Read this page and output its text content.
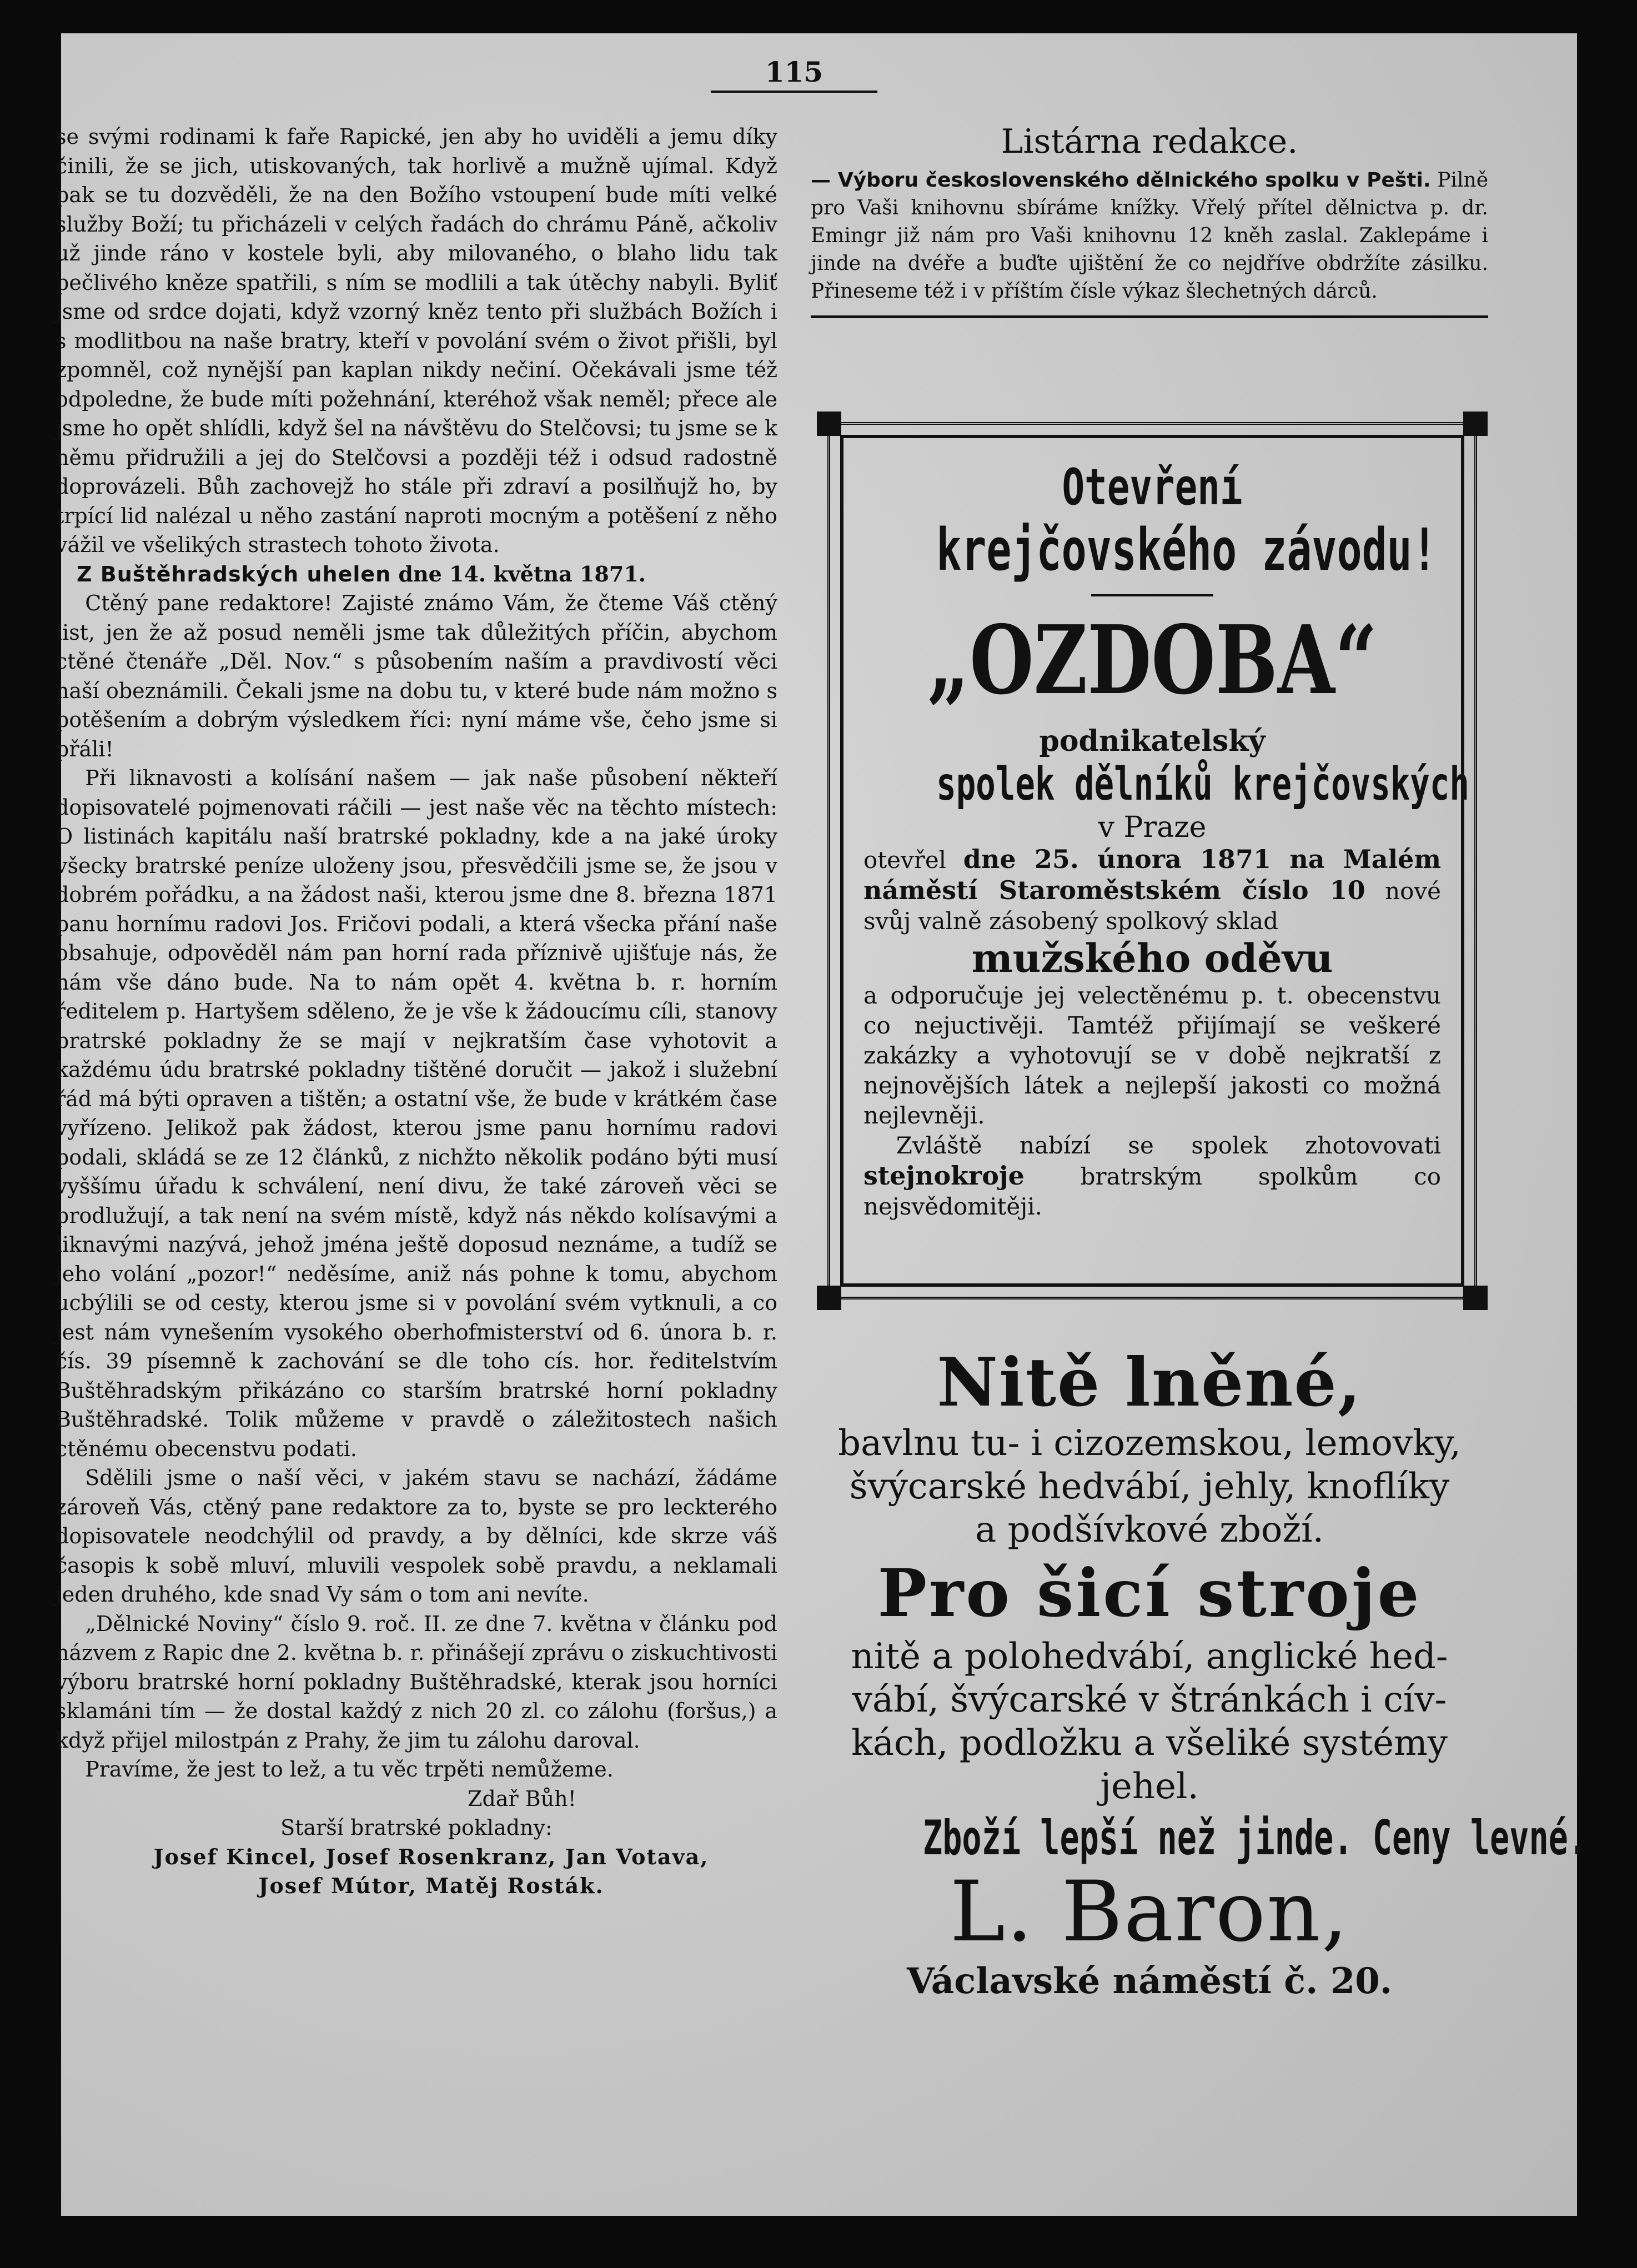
115

se svými rodinami k faře Rapické, jen aby ho uviděli a jemu díky činili, že se jich, utiskovaných, tak horlivě a mužně ujímal. Když pak se tu dozvěděli, že na den Božího vstoupení bude míti velké služby Boží; tu přicházeli v celých řadách do chrámu Páně, ačkoliv už jinde ráno v kostele byli, aby milovaného, o blaho lidu tak pečlivého kněze spatřili, s ním se modlili a tak útěchy nabyli. Byliť jsme od srdce dojati, když vzorný kněz tento při službách Božích i s modlitbou na naše bratry, kteří v povolání svém o život přišli, byl zpomněl, což nynější pan kaplan nikdy nečiní. Očekávali jsme též odpoledne, že bude míti požehnání, kteréhož však neměl; přece ale jsme ho opět shlídli, když šel na návštěvu do Stelčovsi; tu jsme se k němu přidružili a jej do Stelčovsi a později též i odsud radostně doprovázeli. Bůh zachovejž ho stále při zdraví a posilňujž ho, by trpící lid nalézal u něho zastání naproti mocným a potěšení z něho vážil ve všelikých strastech tohoto života.

Z Buštěhradských uhelen dne 14. května 1871.

Ctěný pane redaktore! Zajisté známo Vám, že čteme Váš ctěný list, jen že až posud neměli jsme tak důležitých příčin, abychom ctěné čtenáře „Děl. Nov.“ s působením naším a pravdivostí věci naší obeznámili. Čekali jsme na dobu tu, v které bude nám možno s potěšením a dobrým výsledkem říci: nyní máme vše, čeho jsme si přáli!

Při liknavosti a kolísání našem — jak naše působení někteří dopisovatelé pojmenovati ráčili — jest naše věc na těchto místech: O listinách kapitálu naší bratrské pokladny, kde a na jaké úroky všecky bratrské peníze uloženy jsou, přesvědčili jsme se, že jsou v dobrém pořádku, a na žádost naši, kterou jsme dne 8. března 1871 panu hornímu radovi Jos. Fričovi podali, a která všecka přání naše obsahuje, odpověděl nám pan horní rada příznivě ujišťuje nás, že nám vše dáno bude. Na to nám opět 4. května b. r. horním ředitelem p. Hartyšem sděleno, že je vše k žádoucímu cíli, stanovy bratrské pokladny že se mají v nejkratším čase vyhotovit a každému údu bratrské pokladny tištěné doručit — jakož i služební řád má býti opraven a tištěn; a ostatní vše, že bude v krátkém čase vyřízeno. Jelikož pak žádost, kterou jsme panu hornímu radovi podali, skládá se ze 12 článků, z nichžto několik podáno býti musí vyššímu úřadu k schválení, není divu, že také zároveň věci se prodlužují, a tak není na svém místě, když nás někdo kolísavými a liknavými nazývá, jehož jména ještě doposud neznáme, a tudíž se jeho volání „pozor!“ neděsíme, aniž nás pohne k tomu, abychom ucbýlili se od cesty, kterou jsme si v povolání svém vytknuli, a co jest nám vynešením vysokého oberhofmisterství od 6. února b. r. čís. 39 písemně k zachování se dle toho cís. hor. ředitelstvím Buštěhradským přikázáno co starším bratrské horní pokladny Buštěhradské. Tolik můžeme v pravdě o záležitostech našich ctěnému obecenstvu podati.

Sdělili jsme o naší věci, v jakém stavu se nachází, žádáme zároveň Vás, ctěný pane redaktore za to, byste se pro leckterého dopisovatele neodchýlil od pravdy, a by dělníci, kde skrze váš časopis k sobě mluví, mluvili vespolek sobě pravdu, a neklamali jeden druhého, kde snad Vy sám o tom ani nevíte.

„Dělnické Noviny“ číslo 9. roč. II. ze dne 7. května v článku pod názvem z Rapic dne 2. května b. r. přinášejí zprávu o ziskuchtivosti výboru bratrské horní pokladny Buštěhradské, kterak jsou horníci sklamáni tím — že dostal každý z nich 20 zl. co zálohu (foršus,) a když přijel milostpán z Prahy, že jim tu zálohu daroval.

Pravíme, že jest to lež, a tu věc trpěti nemůžeme.

Zdař Bůh!

Starší bratrské pokladny:

Josef Kincel, Josef Rosenkranz, Jan Votava,

Josef Mútor, Matěj Rosták.

Listárna redakce.
— Výboru československého dělnického spolku v Pešti. Pilně pro Vaši knihovnu sbíráme knížky. Vřelý přítel dělnictva p. dr. Emingr již nám pro Vaši knihovnu 12 kněh zaslal. Zaklepáme i jinde na dvéře a buďte ujištění že co nejdříve obdržíte zásilku. Přineseme též i v příštím čísle výkaz šlechetných dárců.
Otevření
krejčovského závodu!
„OZDOBA“
podnikatelský
spolek dělníků krejčovských
v Praze
otevřel dne 25. února 1871 na Malém náměstí Staroměstském číslo 10 nové svůj valně zásobený spolkový sklad
mužského oděvu
a odporučuje jej velectěnému p. t. obecenstvu co nejuctivěji. Tamtéž přijímají se veškeré zakázky a vyhotovují se v době nejkratší z nejnovějších látek a nejlepší jakosti co možná nejlevněji.
Zvláště nabízí se spolek zhotovovati stejnokroje bratrským spolkům co nejsvědomitěji.
Nitě lněné,
bavlnu tu- i cizozemskou, lemovky,
švýcarské hedvábí, jehly, knoflíky
a podšívkové zboží.
Pro šicí stroje
nitě a polohedvábí, anglické hed-
vábí, švýcarské v štránkách i cív-
kách, podložku a všeliké systémy
jehel.
Zboží lepší než jinde. Ceny levné.
L. Baron,
Václavské náměstí č. 20.
